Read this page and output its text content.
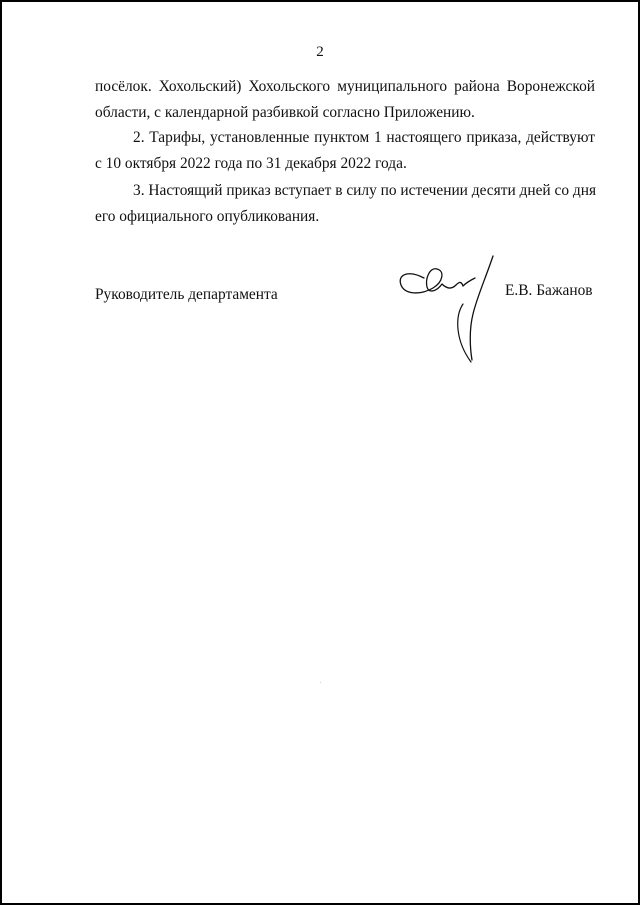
2
посёлок. Хохольский) Хохольского муниципального района Воронежской
области, с календарной разбивкой согласно Приложению.
2. Тарифы, установленные пунктом 1 настоящего приказа, действуют
с 10 октября 2022 года по 31 декабря 2022 года.
3. Настоящий приказ вступает в силу по истечении десяти дней со дня
его официального опубликования.
Руководитель департамента	Е.В. Бажанов
